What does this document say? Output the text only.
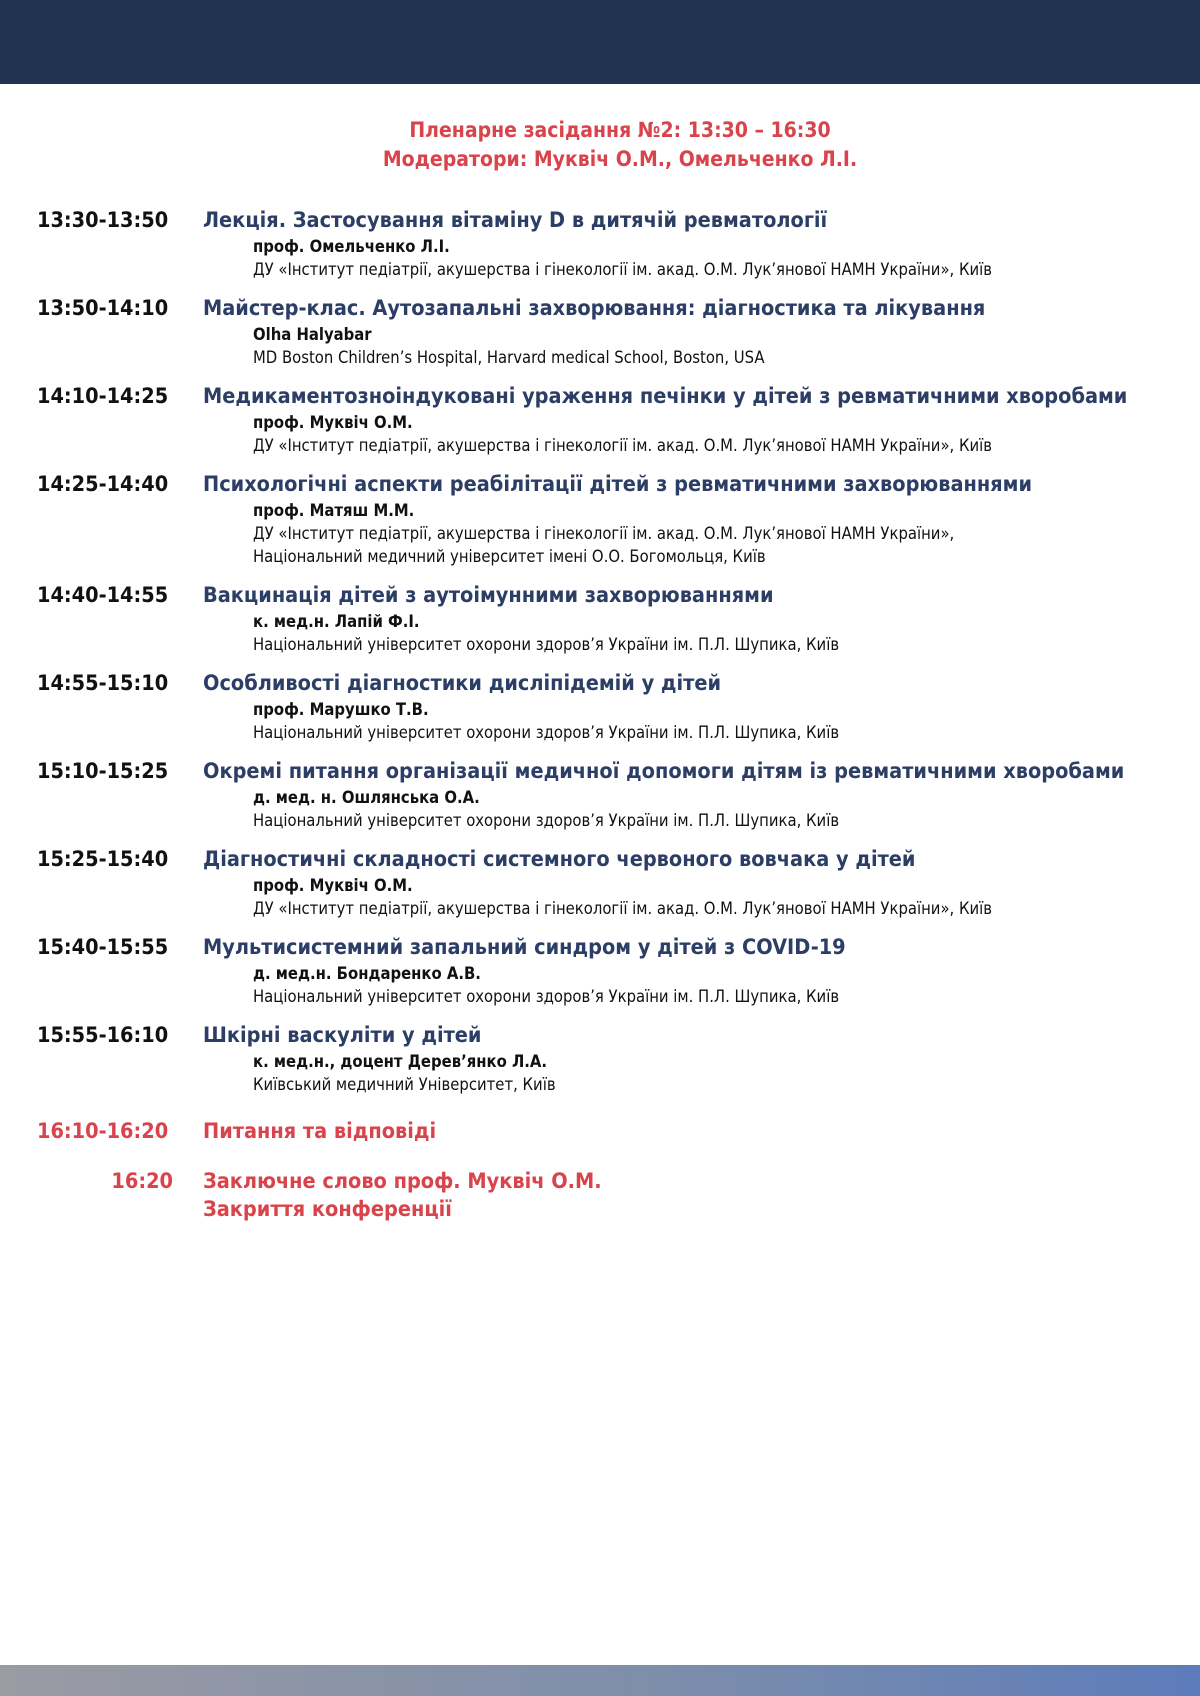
Пленарне засідання №2: 13:30 – 16:30
Модератори: Муквіч О.М., Омельченко Л.І.
13:30-13:50	Лекція. Застосування вітаміну D в дитячій ревматології
проф. Омельченко Л.І.
ДУ «Інститут педіатрії, акушерства і гінекології ім. акад. О.М. Лук’янової НАМН України», Київ
13:50-14:10	Майстер-клас. Аутозапальні захворювання: діагностика та лікування
Olha Halyabar
MD Boston Children’s Hospital, Harvard medical School, Boston, USA
14:10-14:25	Медикаментозноіндуковані ураження печінки у дітей з ревматичними хворобами
проф. Муквіч О.М.
ДУ «Інститут педіатрії, акушерства і гінекології ім. акад. О.М. Лук’янової НАМН України», Київ
14:25-14:40	Психологічні аспекти реабілітації дітей з ревматичними захворюваннями
проф. Матяш М.М.
ДУ «Інститут педіатрії, акушерства і гінекології ім. акад. О.М. Лук’янової НАМН України»,
Національний медичний університет імені О.О. Богомольця, Київ
14:40-14:55	Вакцинація дітей з аутоімунними захворюваннями
к. мед.н. Лапій Ф.І.
Національний університет охорони здоров’я України ім. П.Л. Шупика, Київ
14:55-15:10	Особливості діагностики дисліпідемій у дітей
проф. Марушко Т.В.
Національний університет охорони здоров’я України ім. П.Л. Шупика, Київ
15:10-15:25	Окремі питання організації медичної допомоги дітям із ревматичними хворобами
д. мед. н. Ошлянська О.А.
Національний університет охорони здоров’я України ім. П.Л. Шупика, Київ
15:25-15:40	Діагностичні складності системного червоного вовчака у дітей
проф. Муквіч О.М.
ДУ «Інститут педіатрії, акушерства і гінекології ім. акад. О.М. Лук’янової НАМН України», Київ
15:40-15:55	Мультисистемний запальний синдром у дітей з COVID-19
д. мед.н. Бондаренко А.В.
Національний університет охорони здоров’я України ім. П.Л. Шупика, Київ
15:55-16:10	Шкірні васкуліти у дітей
к. мед.н., доцент Дерев’янко Л.А.
Київський медичний Університет, Київ
16:10-16:20	Питання та відповіді
16:20	Заключне слово проф. Муквіч О.М.
Закриття конференції
